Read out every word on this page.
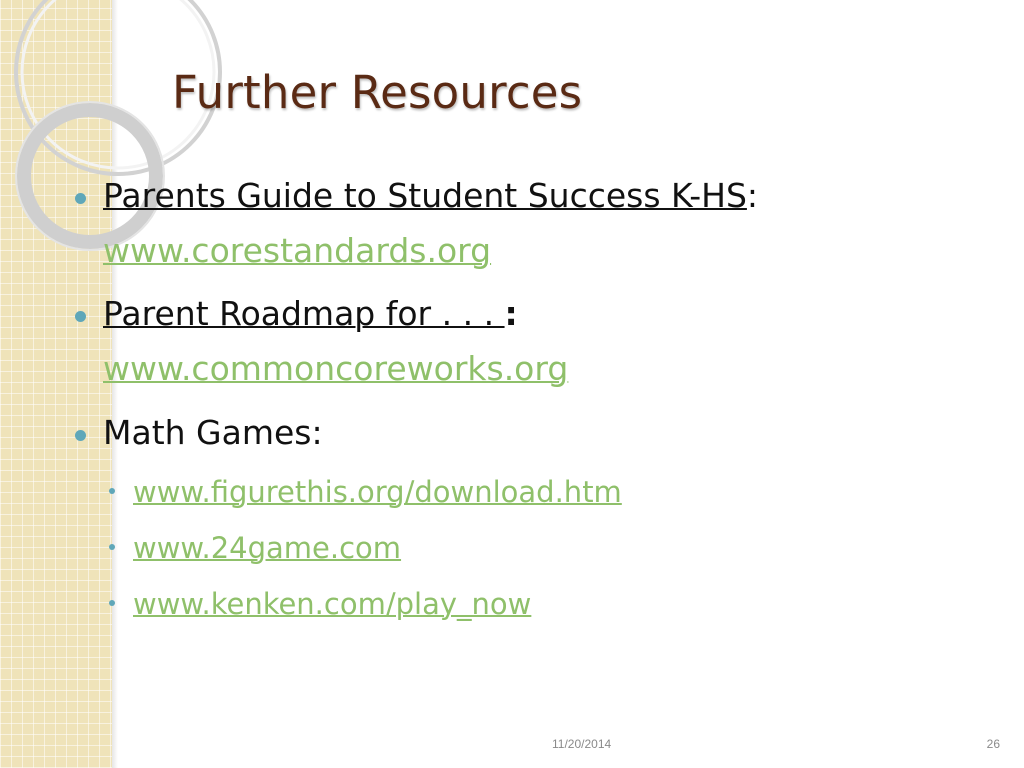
Further Resources
Parents Guide to Student Success K-HS:
www.corestandards.org
Parent Roadmap for . . . :
www.commoncoreworks.org
Math Games:
www.figurethis.org/download.htm
www.24game.com
www.kenken.com/play_now
11/20/2014	26
